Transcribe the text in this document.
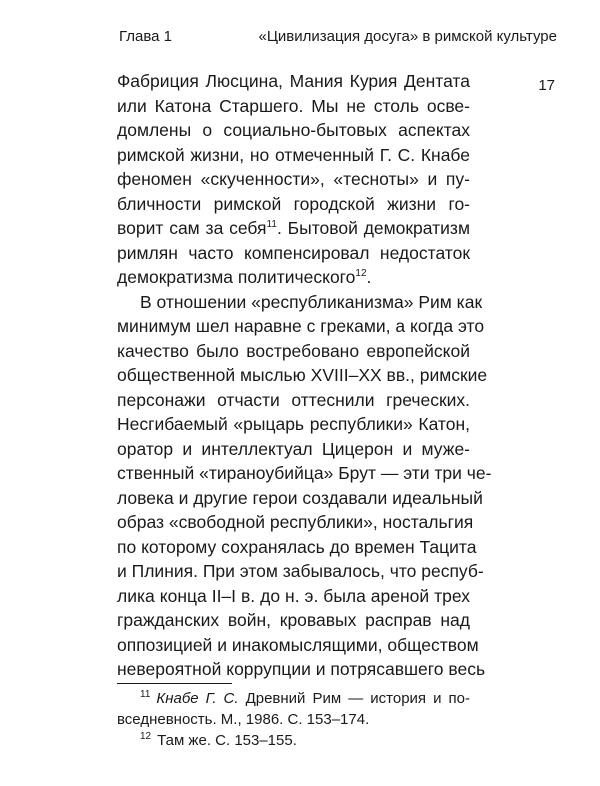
Глава 1	«Цивилизация досуга» в римской культуре
17
Фабриция Люсцина, Мания Курия Дентата
или Катона Старшего. Мы не столь осве-
домлены о социально-бытовых аспектах
римской жизни, но отмеченный Г. С. Кнабе
феномен «скученности», «тесноты» и пу-
бличности римской городской жизни го-
ворит сам за себя$^{11}$. Бытовой демократизм
римлян часто компенсировал недостаток
демократизма политического$^{12}$.
В отношении «республиканизма» Рим как
минимум шел наравне с греками, а когда это
качество было востребовано европейской
общественной мыслью XVIII–XX вв., римские
персонажи отчасти оттеснили греческих.
Несгибаемый «рыцарь республики» Катон,
оратор и интеллектуал Цицерон и муже-
ственный «тираноубийца» Брут — эти три че-
ловека и другие герои создавали идеальный
образ «свободной республики», ностальгия
по которому сохранялась до времен Тацита
и Плиния. При этом забывалось, что респуб-
лика конца II–I в. до н. э. была ареной трех
гражданских войн, кровавых расправ над
оппозицией и инакомыслящими, обществом
невероятной коррупции и потрясавшего весь
$^{11}$ Кнабе Г. С. Древний Рим — история и по-
вседневность. М., 1986. С. 153–174.
$^{12}$ Там же. С. 153–155.
